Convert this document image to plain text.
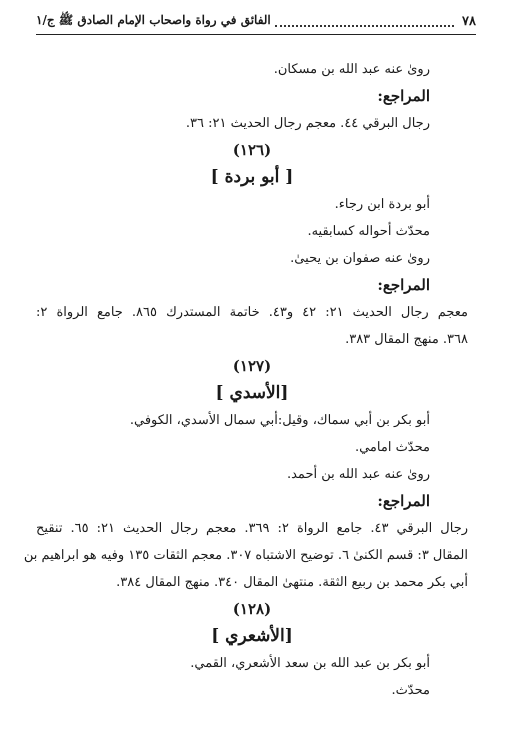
٧٨
الفائق في رواة واصحاب الإمام الصادق ﷺ ج/١
روىٰ عنه عبد الله بن مسكان.
المراجع:
رجال البرقي ٤٤. معجم رجال الحديث ٢١: ٣٦.
(١٢٦)
[ أبو بردة ]
أبو بردة ابن رجاء.
محدّث أحواله كسابقيه.
روىٰ عنه صفوان بن يحيىٰ.
المراجع:
معجم رجال الحديث ٢١: ٤٢ و٤٣. خاتمة المستدرك ٨٦٥. جامع الرواة ٢:
٣٦٨. منهج المقال ٣٨٣.
(١٢٧)
[الأسدي ]
أبو بكر بن أبي سماك، وقيل:أبي سمال الأسدي، الكوفي.
محدّث امامي.
روىٰ عنه عبد الله بن أحمد.
المراجع:
رجال البرقي ٤٣. جامع الرواة ٢: ٣٦٩. معجم رجال الحديث ٢١: ٦٥. تنقيح
المقال ٣: قسم الكنىٰ ٦. توضيح الاشتباه ٣٠٧. معجم الثقات ١٣٥ وفيه هو ابراهيم بن
أبي بكر محمد بن ربيع الثقة. منتهىٰ المقال ٣٤٠. منهج المقال ٣٨٤.
(١٢٨)
[الأشعري ]
أبو بكر بن عبد الله بن سعد الأشعري، القمي.
محدّث.
